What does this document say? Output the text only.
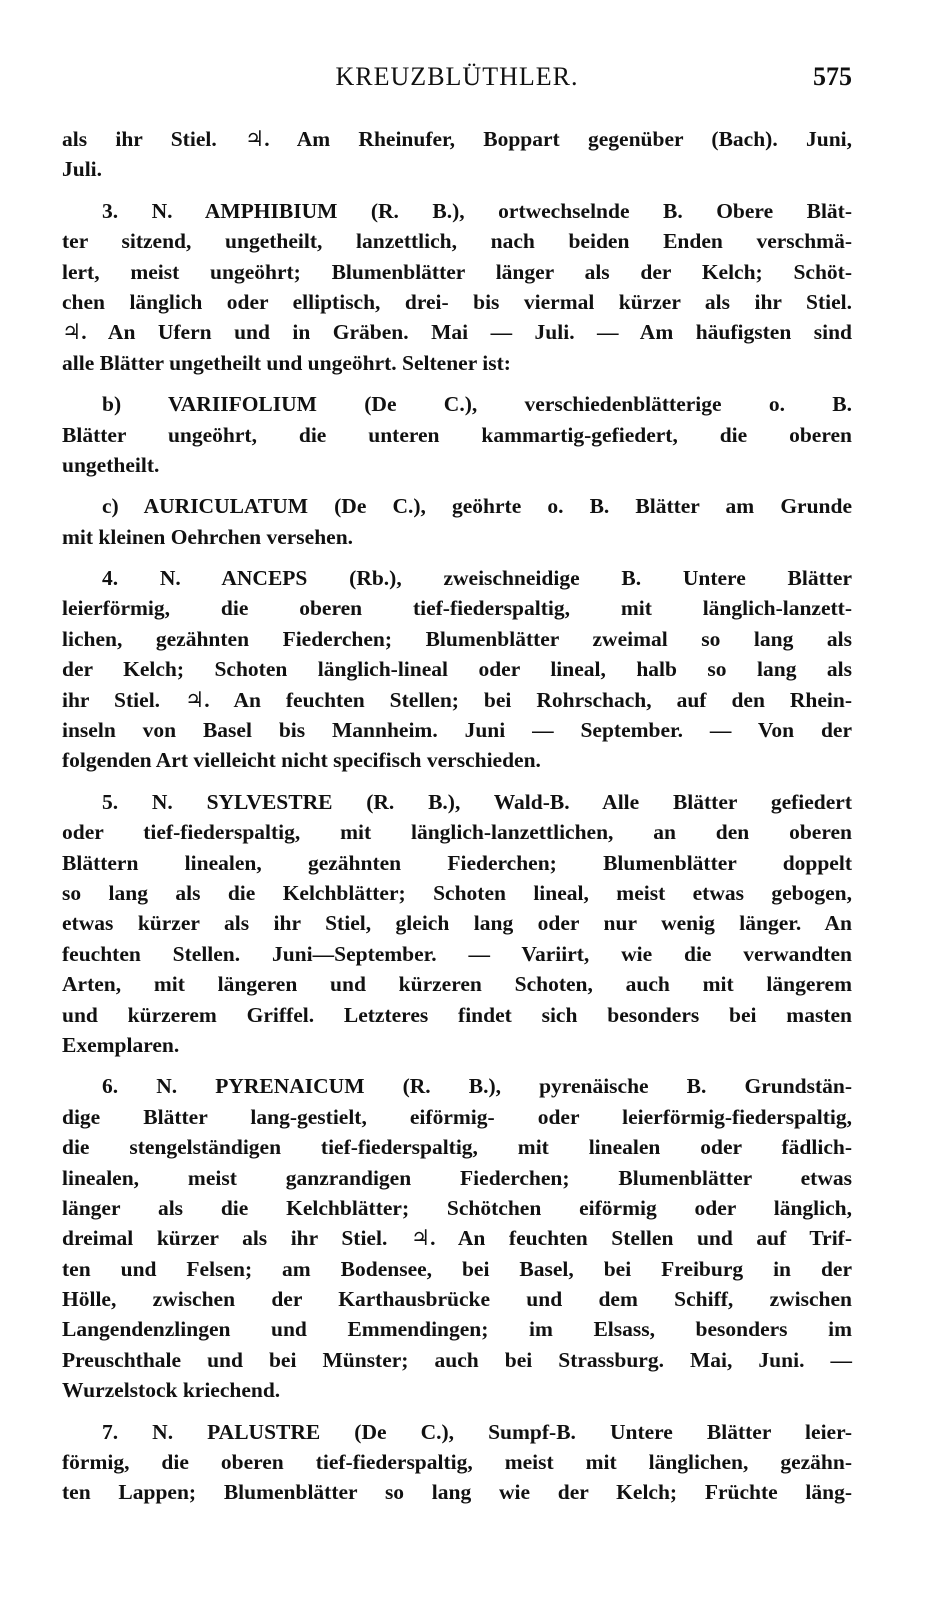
KREUZBLÜTHLER.	575
als ihr Stiel. ♃. Am Rheinufer, Boppart gegenüber (Bach). Juni,
Juli.
3. N. AMPHIBIUM (R. B.), ortwechselnde B. Obere Blät-
ter sitzend, ungetheilt, lanzettlich, nach beiden Enden verschmä-
lert, meist ungeöhrt; Blumenblätter länger als der Kelch; Schöt-
chen länglich oder elliptisch, drei- bis viermal kürzer als ihr Stiel.
♃. An Ufern und in Gräben. Mai — Juli. — Am häufigsten sind
alle Blätter ungetheilt und ungeöhrt. Seltener ist:
b) VARIIFOLIUM (De C.), verschiedenblätterige o. B.
Blätter ungeöhrt, die unteren kammartig-gefiedert, die oberen
ungetheilt.
c) AURICULATUM (De C.), geöhrte o. B. Blätter am Grunde
mit kleinen Oehrchen versehen.
4. N. ANCEPS (Rb.), zweischneidige B. Untere Blätter
leierförmig, die oberen tief-fiederspaltig, mit länglich-lanzett-
lichen, gezähnten Fiederchen; Blumenblätter zweimal so lang als
der Kelch; Schoten länglich-lineal oder lineal, halb so lang als
ihr Stiel. ♃. An feuchten Stellen; bei Rohrschach, auf den Rhein-
inseln von Basel bis Mannheim. Juni — September. — Von der
folgenden Art vielleicht nicht specifisch verschieden.
5. N. SYLVESTRE (R. B.), Wald-B. Alle Blätter gefiedert
oder tief-fiederspaltig, mit länglich-lanzettlichen, an den oberen
Blättern linealen, gezähnten Fiederchen; Blumenblätter doppelt
so lang als die Kelchblätter; Schoten lineal, meist etwas gebogen,
etwas kürzer als ihr Stiel, gleich lang oder nur wenig länger. An
feuchten Stellen. Juni—September. — Variirt, wie die verwandten
Arten, mit längeren und kürzeren Schoten, auch mit längerem
und kürzerem Griffel. Letzteres findet sich besonders bei masten
Exemplaren.
6. N. PYRENAICUM (R. B.), pyrenäische B. Grundstän-
dige Blätter lang-gestielt, eiförmig- oder leierförmig-fiederspaltig,
die stengelständigen tief-fiederspaltig, mit linealen oder fädlich-
linealen, meist ganzrandigen Fiederchen; Blumenblätter etwas
länger als die Kelchblätter; Schötchen eiförmig oder länglich,
dreimal kürzer als ihr Stiel. ♃. An feuchten Stellen und auf Trif-
ten und Felsen; am Bodensee, bei Basel, bei Freiburg in der
Hölle, zwischen der Karthausbrücke und dem Schiff, zwischen
Langendenzlingen und Emmendingen; im Elsass, besonders im
Preuschthale und bei Münster; auch bei Strassburg. Mai, Juni. —
Wurzelstock kriechend.
7. N. PALUSTRE (De C.), Sumpf-B. Untere Blätter leier-
förmig, die oberen tief-fiederspaltig, meist mit länglichen, gezähn-
ten Lappen; Blumenblätter so lang wie der Kelch; Früchte läng-
